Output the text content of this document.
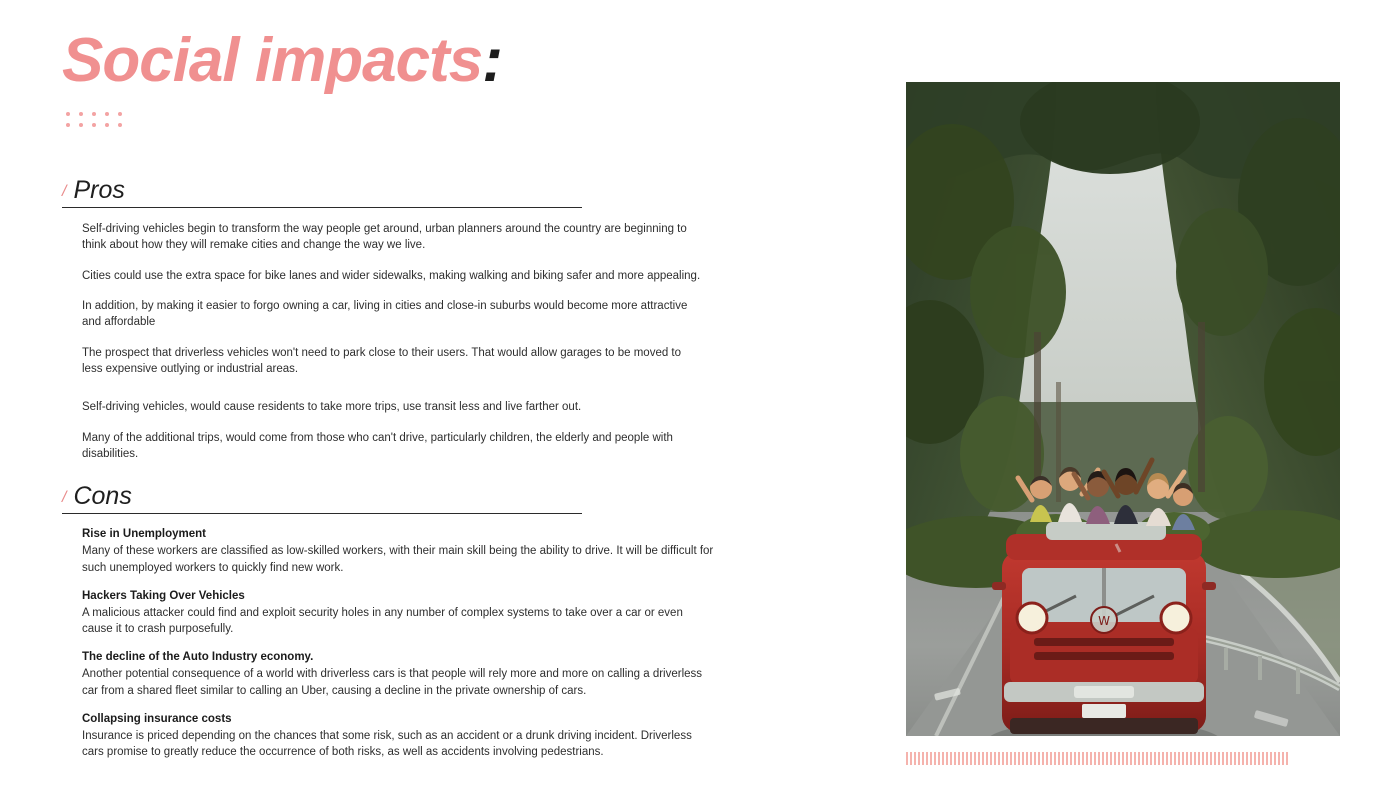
Social impacts:
/ Pros

Self-driving vehicles begin to transform the way people get around, urban planners around the country are beginning to think about how they will remake cities and change the way we live.

Cities could use the extra space for bike lanes and wider sidewalks, making walking and biking safer and more appealing.

In addition, by making it easier to forgo owning a car, living in cities and close-in suburbs would become more attractive and affordable

The prospect that driverless vehicles won't need to park close to their users. That would allow garages to be moved to less expensive outlying or industrial areas.

Self-driving vehicles, would cause residents to take more trips, use transit less and live farther out.

Many of the additional trips, would come from those who can't drive, particularly children, the elderly and people with disabilities.

/ Cons

Rise in Unemployment

Many of these workers are classified as low-skilled workers, with their main skill being the ability to drive. It will be difficult for such unemployed workers to quickly find new work.

Hackers Taking Over Vehicles

A malicious attacker could find and exploit security holes in any number of complex systems to take over a car or even cause it to crash purposefully.

The decline of the Auto Industry economy.

Another potential consequence of a world with driverless cars is that people will rely more and more on calling a driverless car from a shared fleet similar to calling an Uber, causing a decline in the private ownership of cars.

Collapsing insurance costs

Insurance is priced depending on the chances that some risk, such as an accident or a drunk driving incident. Driverless cars promise to greatly reduce the occurrence of both risks, as well as accidents involving pedestrians.

W
